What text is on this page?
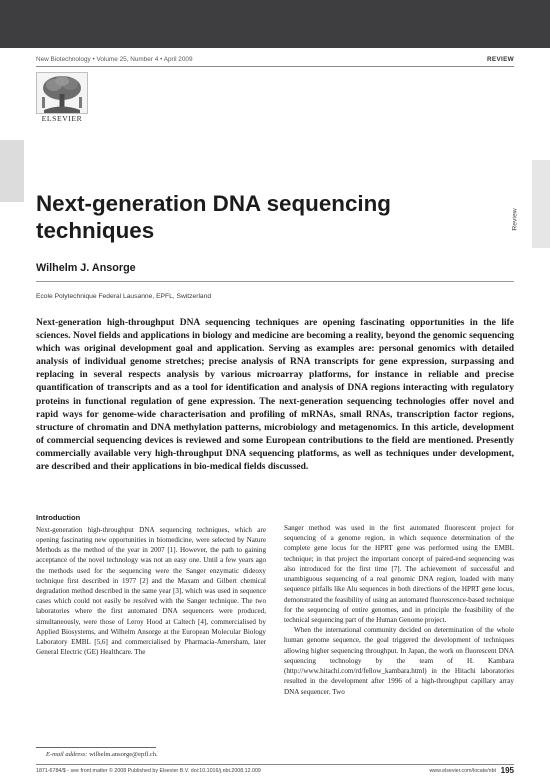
New Biotechnology • Volume 25, Number 4 • April 2009	REVIEW
ELSEVIER
Review
Next-generation DNA sequencing techniques
Wilhelm J. Ansorge
Ecole Polytechnique Federal Lausanne, EPFL, Switzerland

Next-generation high-throughput DNA sequencing techniques are opening fascinating opportunities in the life sciences. Novel fields and applications in biology and medicine are becoming a reality, beyond the genomic sequencing which was original development goal and application. Serving as examples are: personal genomics with detailed analysis of individual genome stretches; precise analysis of RNA transcripts for gene expression, surpassing and replacing in several respects analysis by various microarray platforms, for instance in reliable and precise quantification of transcripts and as a tool for identification and analysis of DNA regions interacting with regulatory proteins in functional regulation of gene expression. The next-generation sequencing technologies offer novel and rapid ways for genome-wide characterisation and profiling of mRNAs, small RNAs, transcription factor regions, structure of chromatin and DNA methylation patterns, microbiology and metagenomics. In this article, development of commercial sequencing devices is reviewed and some European contributions to the field are mentioned. Presently commercially available very high-throughput DNA sequencing platforms, as well as techniques under development, are described and their applications in bio-medical fields discussed.

Introduction

Next-generation high-throughput DNA sequencing techniques, which are opening fascinating new opportunities in biomedicine, were selected by Nature Methods as the method of the year in 2007 [1]. However, the path to gaining acceptance of the novel technology was not an easy one. Until a few years ago the methods used for the sequencing were the Sanger enzymatic dideoxy technique first described in 1977 [2] and the Maxam and Gilbert chemical degradation method described in the same year [3], which was used in sequence cases which could not easily be resolved with the Sanger technique. The two laboratories where the first automated DNA sequencers were produced, simultaneously, were those of Leroy Hood at Caltech [4], commercialised by Applied Biosystems, and Wilhelm Ansorge at the European Molecular Biology Laboratory EMBL [5,6] and commercialised by Pharmacia-Amersham, later General Electric (GE) Healthcare. The

Sanger method was used in the first automated fluorescent project for sequencing of a genome region, in which sequence determination of the complete gene locus for the HPRT gene was performed using the EMBL technique; in that project the important concept of paired-end sequencing was also introduced for the first time [7]. The achievement of successful and unambiguous sequencing of a real genomic DNA region, loaded with many sequence pitfalls like Alu sequences in both directions of the HPRT gene locus, demonstrated the feasibility of using an automated fluorescence-based technique for the sequencing of entire genomes, and in principle the feasibility of the technical sequencing part of the Human Genome project.

When the international community decided on determination of the whole human genome sequence, the goal triggered the development of techniques allowing higher sequencing throughput. In Japan, the work on fluorescent DNA sequencing technology by the team of H. Kambara (http://www.hitachi.com/rd/fellow_kambara.html) in the Hitachi laboratories resulted in the development after 1996 of a high-throughput capillary array DNA sequencer. Two

E-mail address: wilhelm.ansorge@epfl.ch.
1871-6784/$ - see front matter © 2008 Published by Elsevier B.V. doi:10.1016/j.nbt.2008.12.009	www.elsevier.com/locate/nbt 195
